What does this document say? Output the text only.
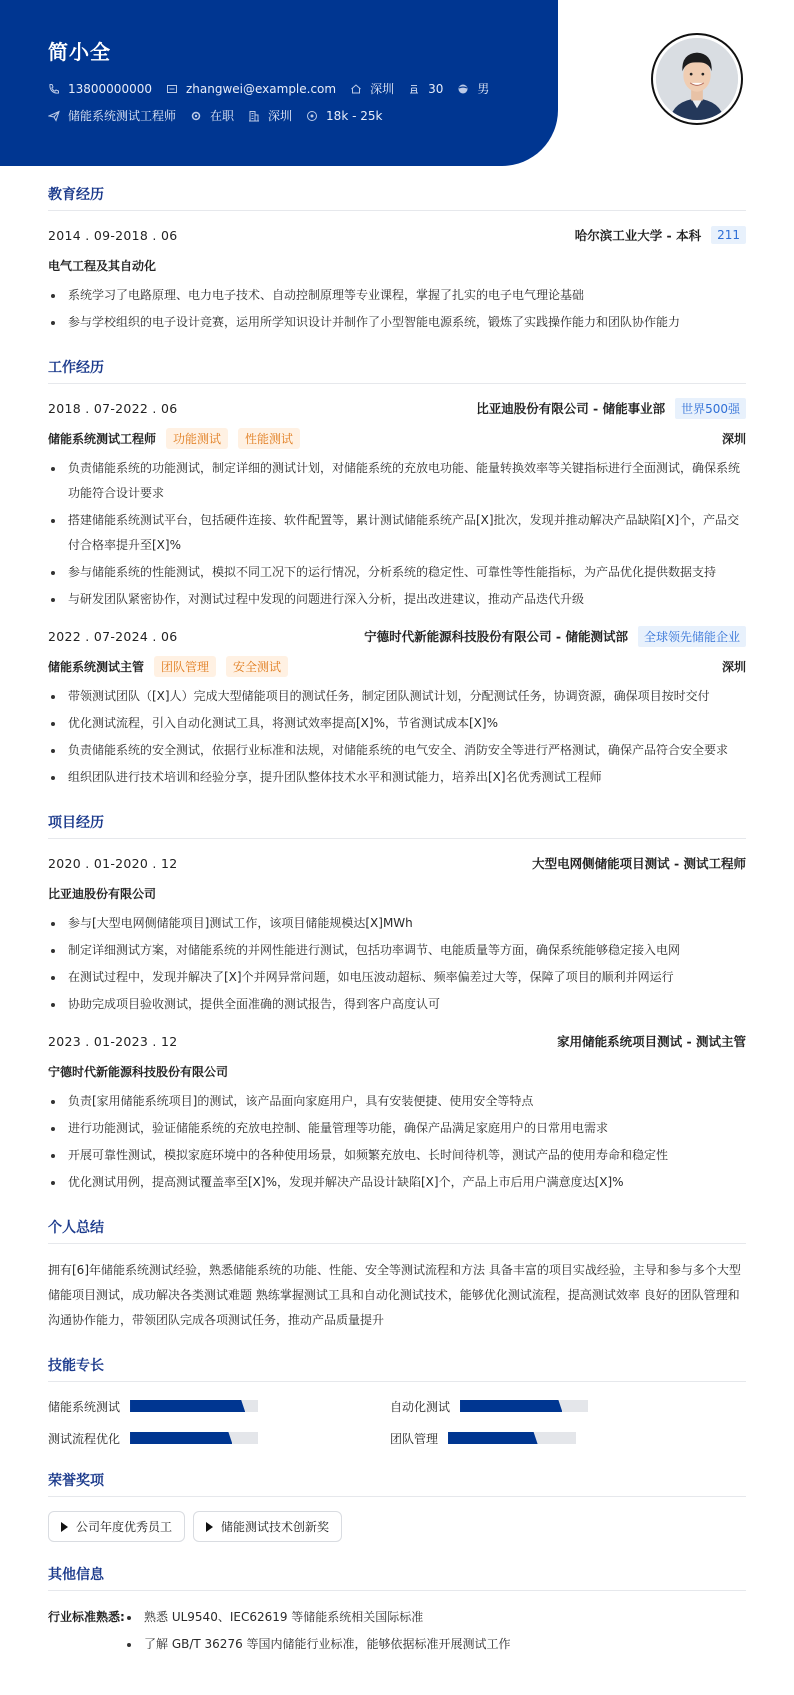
简小全
13800000000	zhangwei@example.com	深圳	30	男
储能系统测试工程师	在职	深圳	18k - 25k
教育经历
2014 . 09-2018 . 06	哈尔滨工业大学 - 本科	211
电气工程及其自动化
系统学习了电路原理、电力电子技术、自动控制原理等专业课程，掌握了扎实的电子电气理论基础
参与学校组织的电子设计竞赛，运用所学知识设计并制作了小型智能电源系统，锻炼了实践操作能力和团队协作能力
工作经历
2018 . 07-2022 . 06	比亚迪股份有限公司 - 储能事业部	世界500强
储能系统测试工程师	功能测试	性能测试	深圳
负责储能系统的功能测试，制定详细的测试计划，对储能系统的充放电功能、能量转换效率等关键指标进行全面测试，确保系统功能符合设计要求
搭建储能系统测试平台，包括硬件连接、软件配置等，累计测试储能系统产品[X]批次，发现并推动解决产品缺陷[X]个，产品交付合格率提升至[X]%
参与储能系统的性能测试，模拟不同工况下的运行情况，分析系统的稳定性、可靠性等性能指标，为产品优化提供数据支持
与研发团队紧密协作，对测试过程中发现的问题进行深入分析，提出改进建议，推动产品迭代升级
2022 . 07-2024 . 06	宁德时代新能源科技股份有限公司 - 储能测试部	全球领先储能企业
储能系统测试主管	团队管理	安全测试	深圳
带领测试团队（[X]人）完成大型储能项目的测试任务，制定团队测试计划，分配测试任务，协调资源，确保项目按时交付
优化测试流程，引入自动化测试工具，将测试效率提高[X]%，节省测试成本[X]%
负责储能系统的安全测试，依据行业标准和法规，对储能系统的电气安全、消防安全等进行严格测试，确保产品符合安全要求
组织团队进行技术培训和经验分享，提升团队整体技术水平和测试能力，培养出[X]名优秀测试工程师
项目经历
2020 . 01-2020 . 12	大型电网侧储能项目测试 - 测试工程师
比亚迪股份有限公司
参与[大型电网侧储能项目]测试工作，该项目储能规模达[X]MWh
制定详细测试方案，对储能系统的并网性能进行测试，包括功率调节、电能质量等方面，确保系统能够稳定接入电网
在测试过程中，发现并解决了[X]个并网异常问题，如电压波动超标、频率偏差过大等，保障了项目的顺利并网运行
协助完成项目验收测试，提供全面准确的测试报告，得到客户高度认可
2023 . 01-2023 . 12	家用储能系统项目测试 - 测试主管
宁德时代新能源科技股份有限公司
负责[家用储能系统项目]的测试，该产品面向家庭用户，具有安装便捷、使用安全等特点
进行功能测试，验证储能系统的充放电控制、能量管理等功能，确保产品满足家庭用户的日常用电需求
开展可靠性测试，模拟家庭环境中的各种使用场景，如频繁充放电、长时间待机等，测试产品的使用寿命和稳定性
优化测试用例，提高测试覆盖率至[X]%，发现并解决产品设计缺陷[X]个，产品上市后用户满意度达[X]%
个人总结
拥有[6]年储能系统测试经验，熟悉储能系统的功能、性能、安全等测试流程和方法 具备丰富的项目实战经验，主导和参与多个大型储能项目测试，成功解决各类测试难题 熟练掌握测试工具和自动化测试技术，能够优化测试流程，提高测试效率 良好的团队管理和沟通协作能力，带领团队完成各项测试任务，推动产品质量提升
技能专长
储能系统测试	自动化测试
测试流程优化	团队管理
荣誉奖项
公司年度优秀员工	储能测试技术创新奖
其他信息
行业标准熟悉:	熟悉 UL9540、IEC62619 等储能系统相关国际标准
了解 GB/T 36276 等国内储能行业标准，能够依据标准开展测试工作
